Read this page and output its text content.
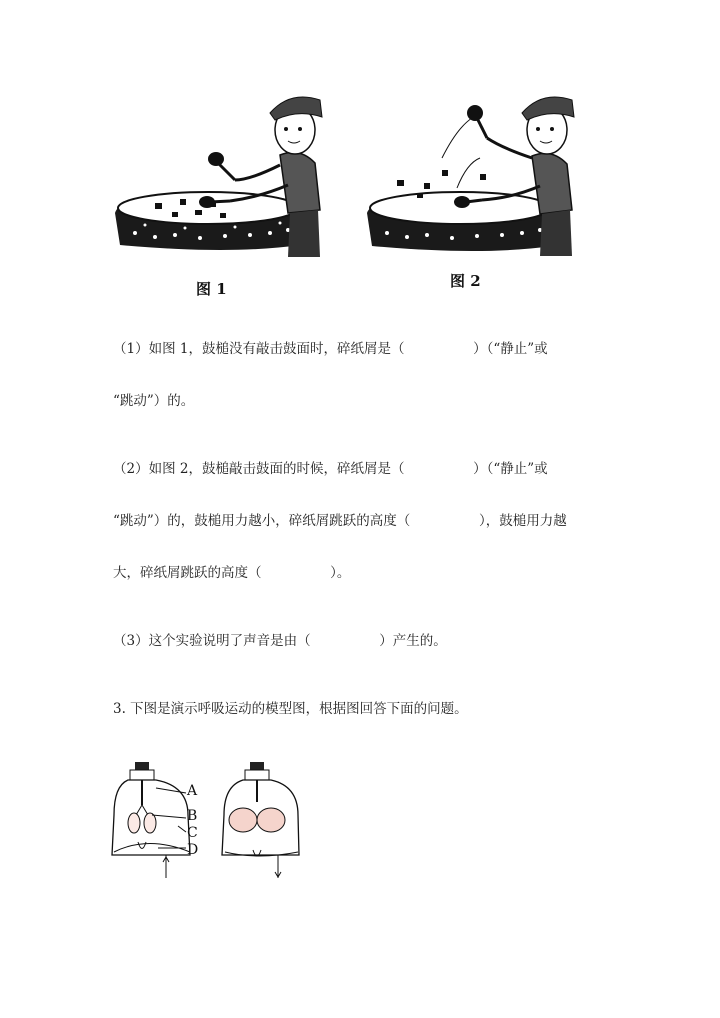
图 1	图 2
（1）如图 1，鼓槌没有敲击鼓面时，碎纸屑是（                ）（“静止”或
“跳动”）的。
（2）如图 2，鼓槌敲击鼓面的时候，碎纸屑是（                ）（“静止”或
“跳动”）的，鼓槌用力越小，碎纸屑跳跃的高度（                ），鼓槌用力越
大，碎纸屑跳跃的高度（                ）。
（3）这个实验说明了声音是由（                ）产生的。
3. 下图是演示呼吸运动的模型图，根据图回答下面的问题。
A
B
C
D
